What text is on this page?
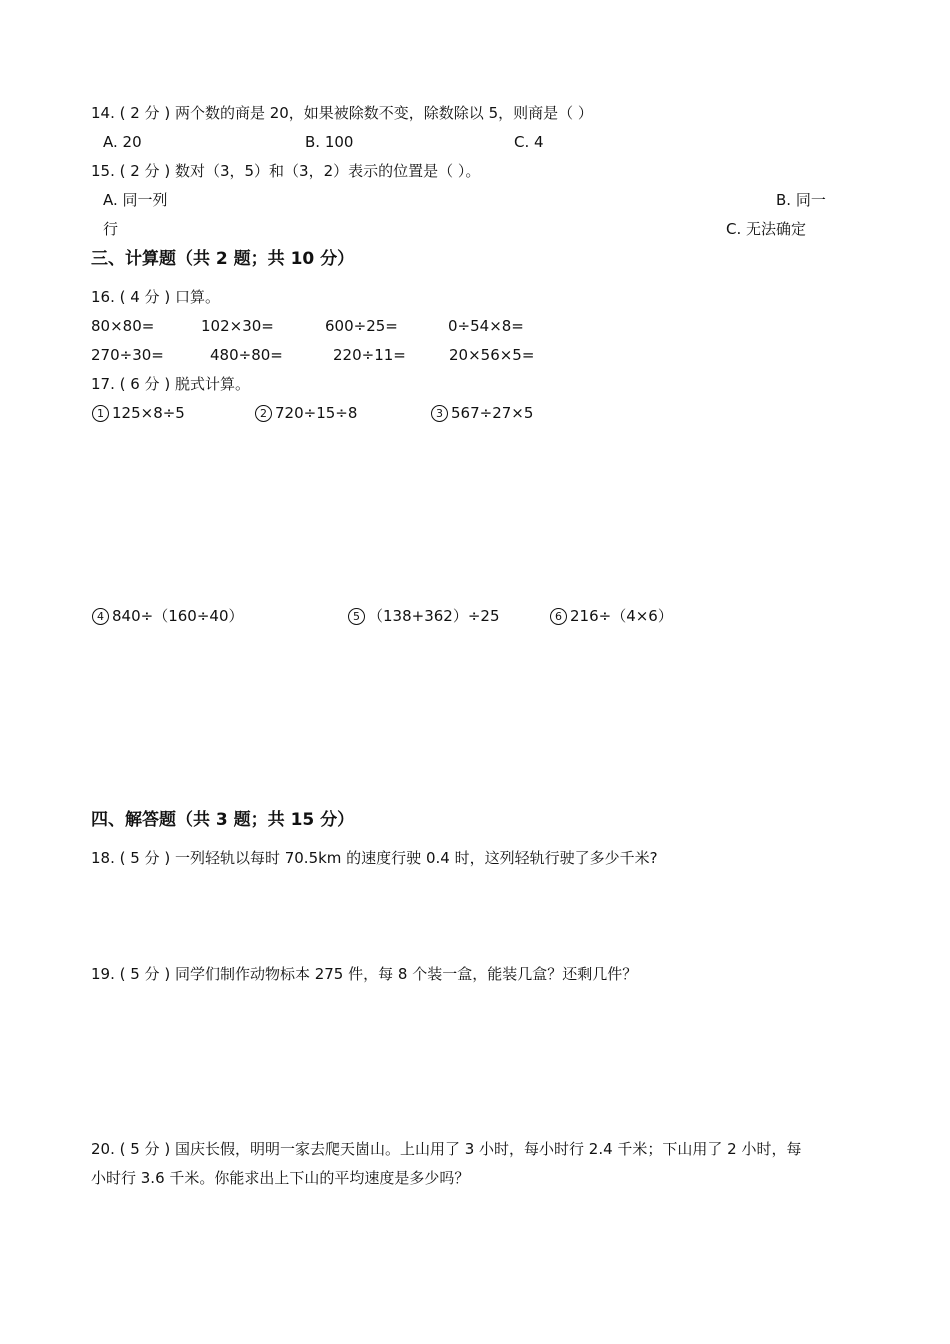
14. ( 2 分 ) 两个数的商是 20，如果被除数不变，除数除以 5，则商是（ ）
A. 20	B. 100	C. 4
15. ( 2 分 ) 数对（3，5）和（3，2）表示的位置是（ ）。
A. 同一列	B. 同一
行	C. 无法确定
三、计算题（共 2 题；共 10 分）
16. ( 4 分 ) 口算。
80×80=	102×30=	600÷25=	0÷54×8=
270÷30=	480÷80=	220÷11=	20×56×5=
17. ( 6 分 ) 脱式计算。
1 125×8÷5	2 720÷15÷8	3 567÷27×5
4 840÷（160÷40）	5 （138+362）÷25	6 216÷（4×6）
四、解答题（共 3 题；共 15 分）
18. ( 5 分 ) 一列轻轨以每时 70.5km 的速度行驶 0.4 时，这列轻轨行驶了多少千米?
19. ( 5 分 ) 同学们制作动物标本 275 件，每 8 个装一盒，能装几盒？还剩几件？
20. ( 5 分 ) 国庆长假，明明一家去爬天崮山。上山用了 3 小时，每小时行 2.4 千米；下山用了 2 小时，每
小时行 3.6 千米。你能求出上下山的平均速度是多少吗？
